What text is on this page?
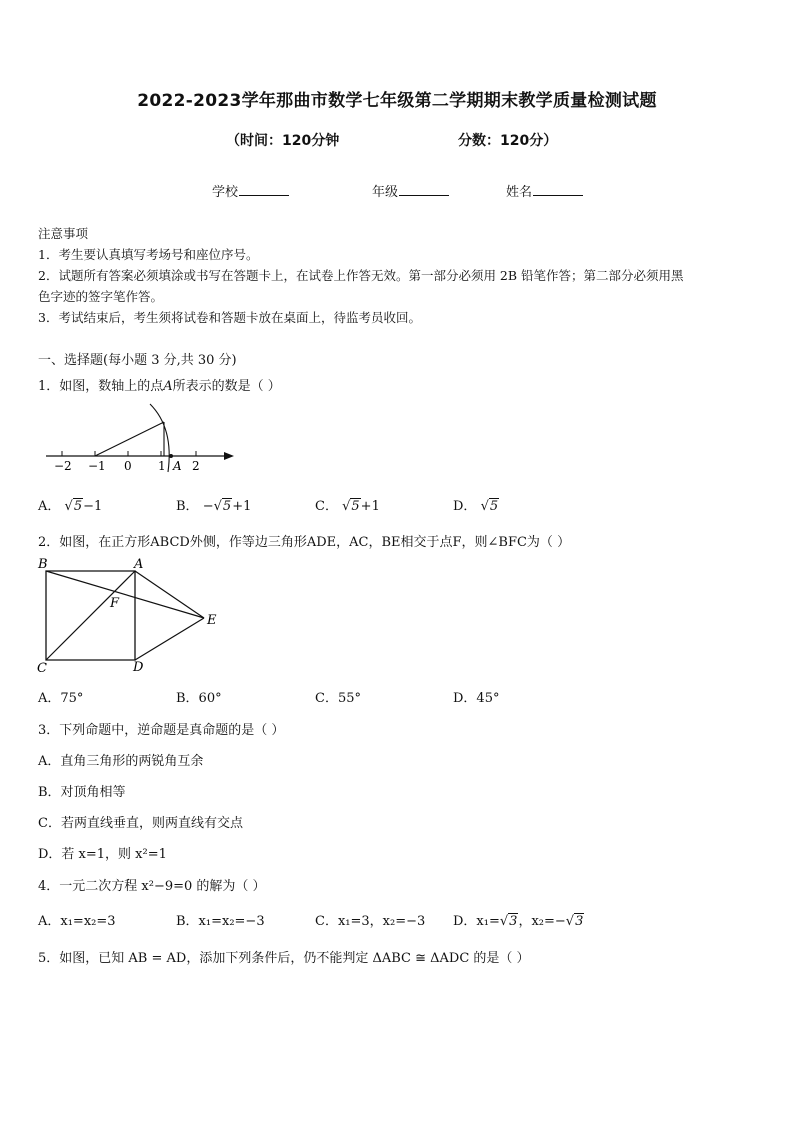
2022-2023学年那曲市数学七年级第二学期期末教学质量检测试题
（时间：120分钟	分数：120分）
学校	年级	姓名
注意事项
1．考生要认真填写考场号和座位序号。
2．试题所有答案必须填涂或书写在答题卡上，在试卷上作答无效。第一部分必须用 2B 铅笔作答；第二部分必须用黑
色字迹的签字笔作答。
3．考试结束后，考生须将试卷和答题卡放在桌面上，待监考员收回。
一、选择题(每小题 3 分,共 30 分)
1．如图，数轴上的点A所表示的数是（ ）
−2 −1 0 1 2
A
A． √5−1	B． −√5+1	C． √5+1	D． √5
2．如图，在正方形ABCD外侧，作等边三角形ADE，AC，BE相交于点F，则∠BFC为（ ）
B	A
F
E
C	D
A．75°	B．60°	C．55°	D．45°
3．下列命题中，逆命题是真命题的是（ ）
A．直角三角形的两锐角互余
B．对顶角相等
C．若两直线垂直，则两直线有交点
D．若 x=1，则 x²=1
4．一元二次方程 x²−9=0 的解为（ ）
A．x₁=x₂=3	B．x₁=x₂=−3	C．x₁=3，x₂=−3 D．x₁=√3，x₂=−√3
5．如图，已知 AB = AD，添加下列条件后，仍不能判定 ΔABC ≅ ΔADC 的是（ ）
